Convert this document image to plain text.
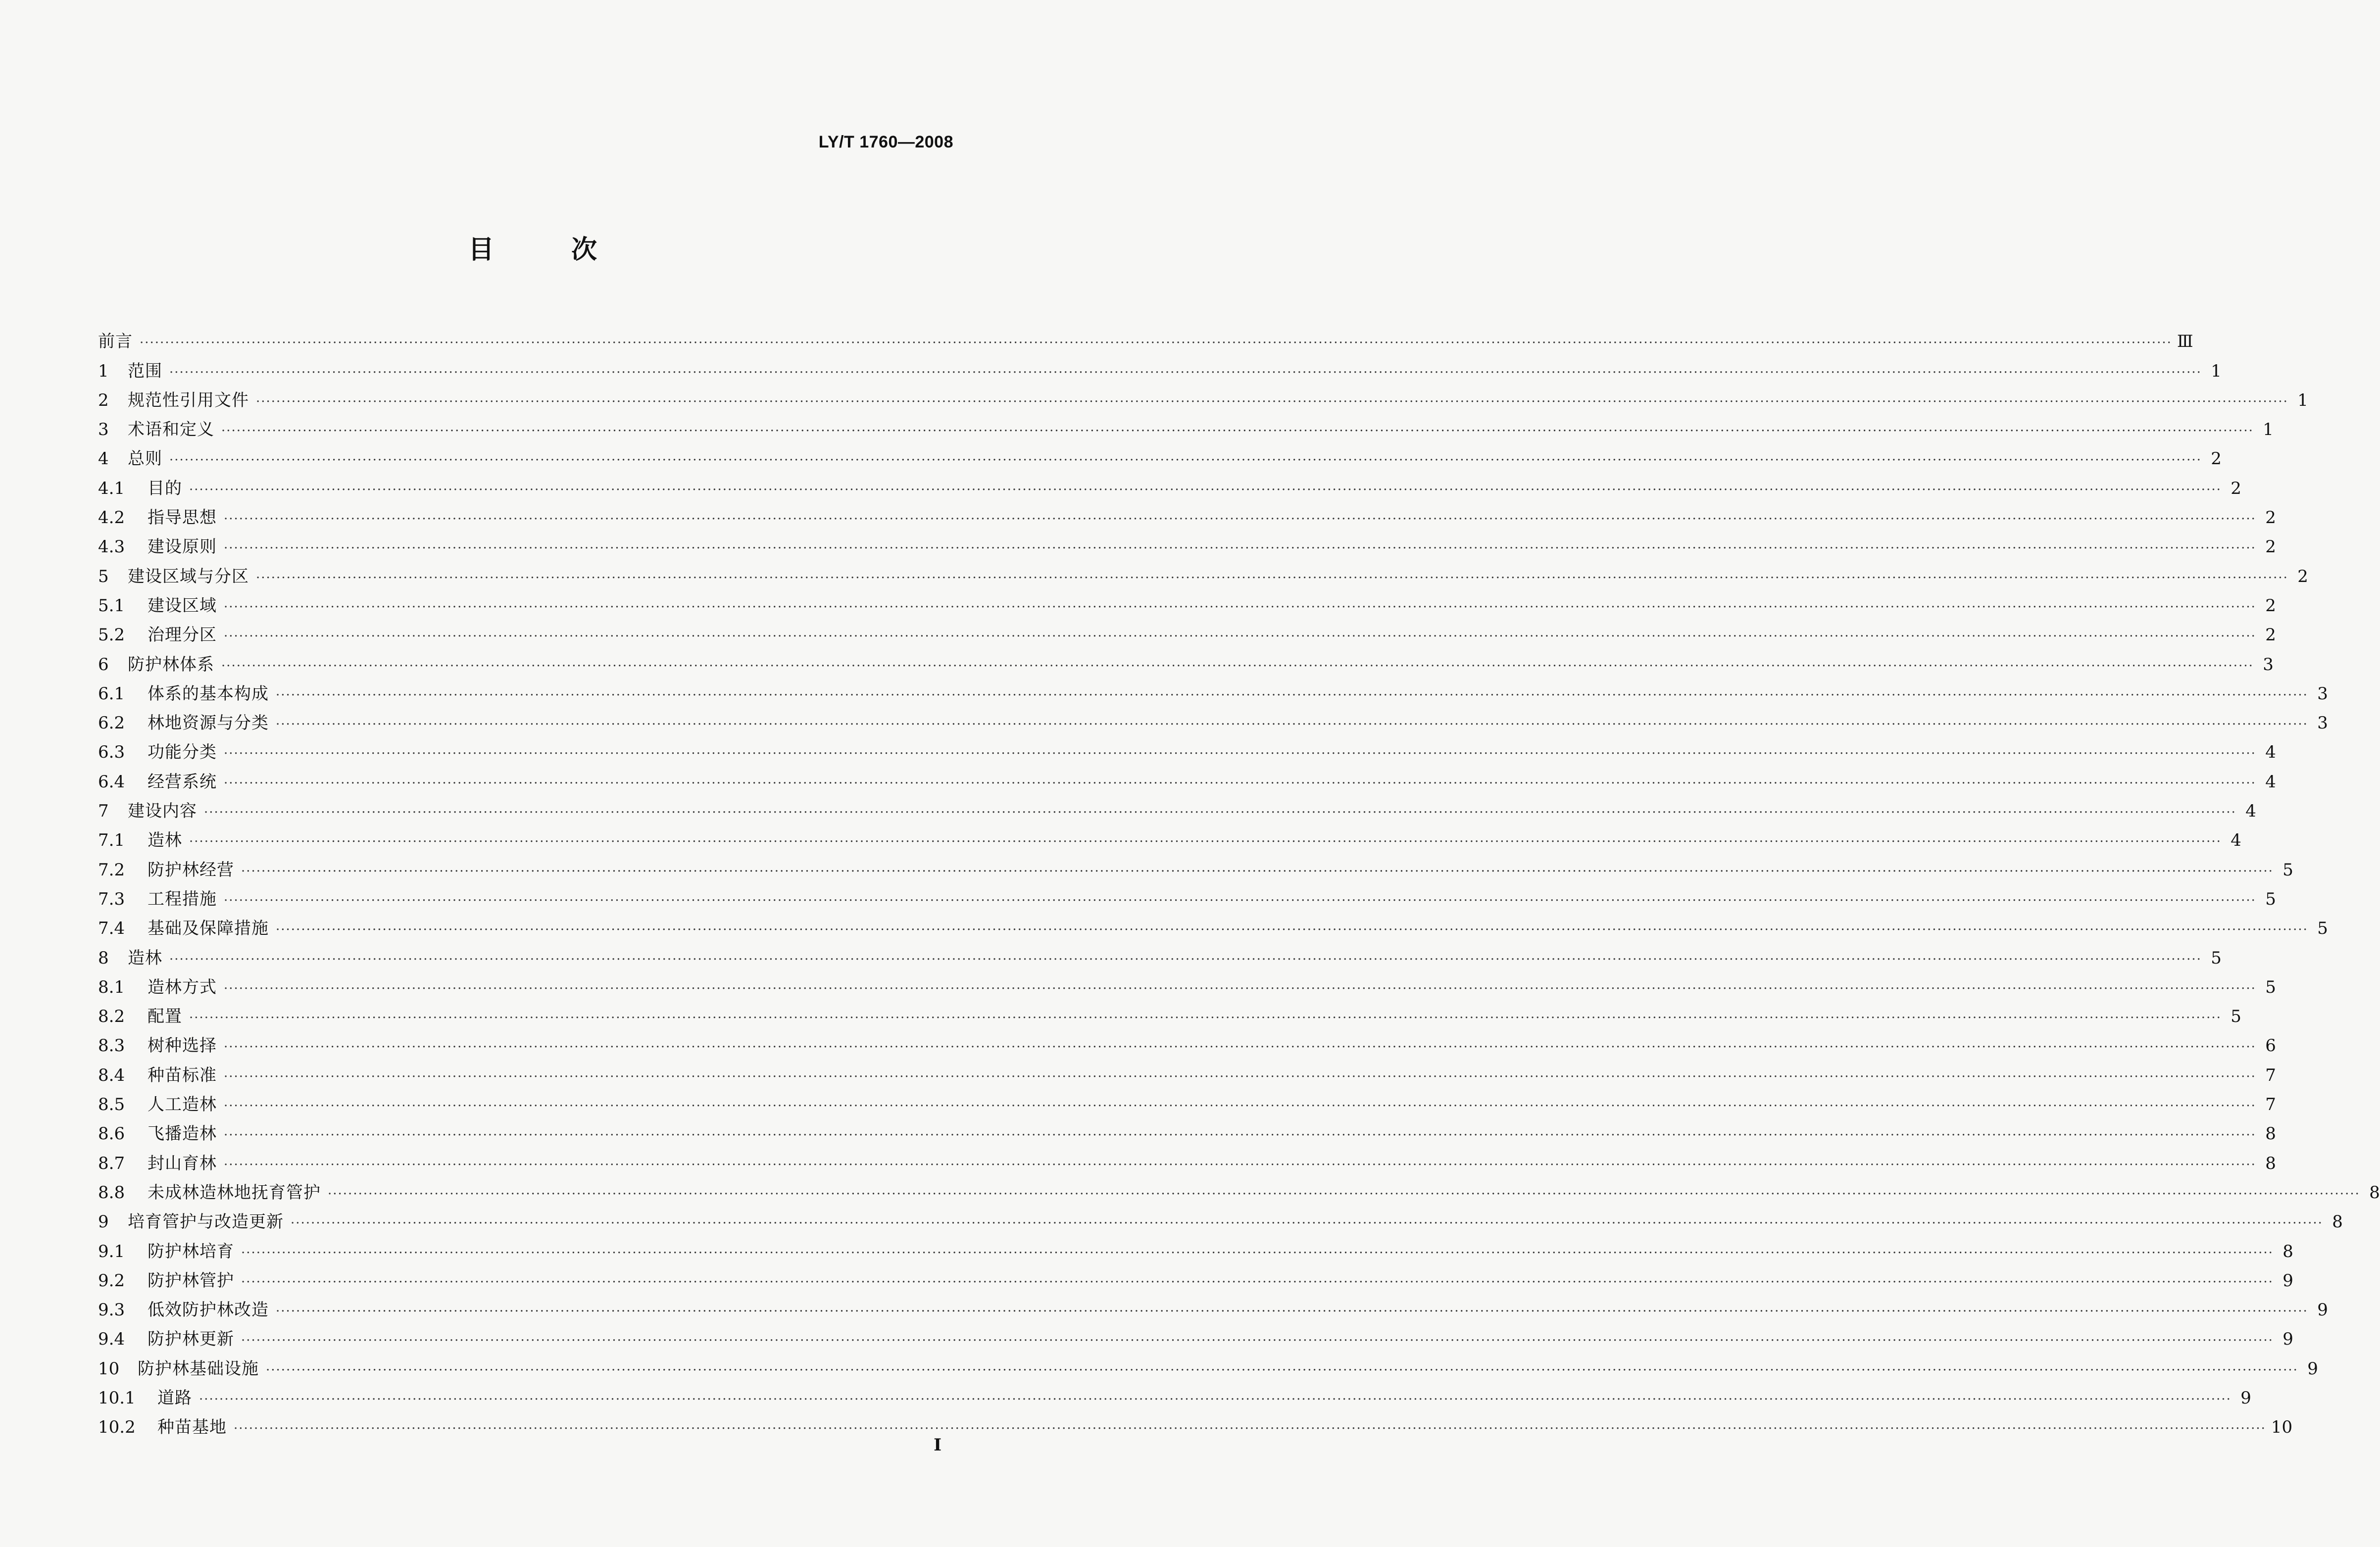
LY/T 1760—2008
目	次
前言 ················································································································································································································································································································································································································ Ⅲ
1	范围 ················································································································································································································································································································································································································ 1
2	规范性引用文件 ················································································································································································································································································································································································································ 1
3	术语和定义 ················································································································································································································································································································································································································ 1
4	总则 ················································································································································································································································································································································································································ 2
4.1	目的 ················································································································································································································································································································································································································ 2
4.2	指导思想 ················································································································································································································································································································································································································ 2
4.3	建设原则 ················································································································································································································································································································································································································ 2
5	建设区域与分区 ················································································································································································································································································································································································································ 2
5.1	建设区域 ················································································································································································································································································································································································································ 2
5.2	治理分区 ················································································································································································································································································································································································································ 2
6	防护林体系 ················································································································································································································································································································································································································ 3
6.1	体系的基本构成 ················································································································································································································································································································································································································ 3
6.2	林地资源与分类 ················································································································································································································································································································································································································ 3
6.3	功能分类 ················································································································································································································································································································································································································ 4
6.4	经营系统 ················································································································································································································································································································································································································ 4
7	建设内容 ················································································································································································································································································································································································································ 4
7.1	造林 ················································································································································································································································································································································································································ 4
7.2	防护林经营 ················································································································································································································································································································································································································ 5
7.3	工程措施 ················································································································································································································································································································································································································ 5
7.4	基础及保障措施 ················································································································································································································································································································································································································ 5
8	造林 ················································································································································································································································································································································································································ 5
8.1	造林方式 ················································································································································································································································································································································································································ 5
8.2	配置 ················································································································································································································································································································································································································ 5
8.3	树种选择 ················································································································································································································································································································································································································ 6
8.4	种苗标准 ················································································································································································································································································································································································································ 7
8.5	人工造林 ················································································································································································································································································································································································································ 7
8.6	飞播造林 ················································································································································································································································································································································································································ 8
8.7	封山育林 ················································································································································································································································································································································································································ 8
8.8	未成林造林地抚育管护 ················································································································································································································································································································································································································ 8
9	培育管护与改造更新 ················································································································································································································································································································································································································ 8
9.1	防护林培育 ················································································································································································································································································································································································································ 8
9.2	防护林管护 ················································································································································································································································································································································································································ 9
9.3	低效防护林改造 ················································································································································································································································································································································································································ 9
9.4	防护林更新 ················································································································································································································································································································································································································ 9
10	防护林基础设施 ················································································································································································································································································································································································································ 9
10.1	道路 ················································································································································································································································································································································································································ 9
10.2	种苗基地 ················································································································································································································································································································································································································ 10
I
